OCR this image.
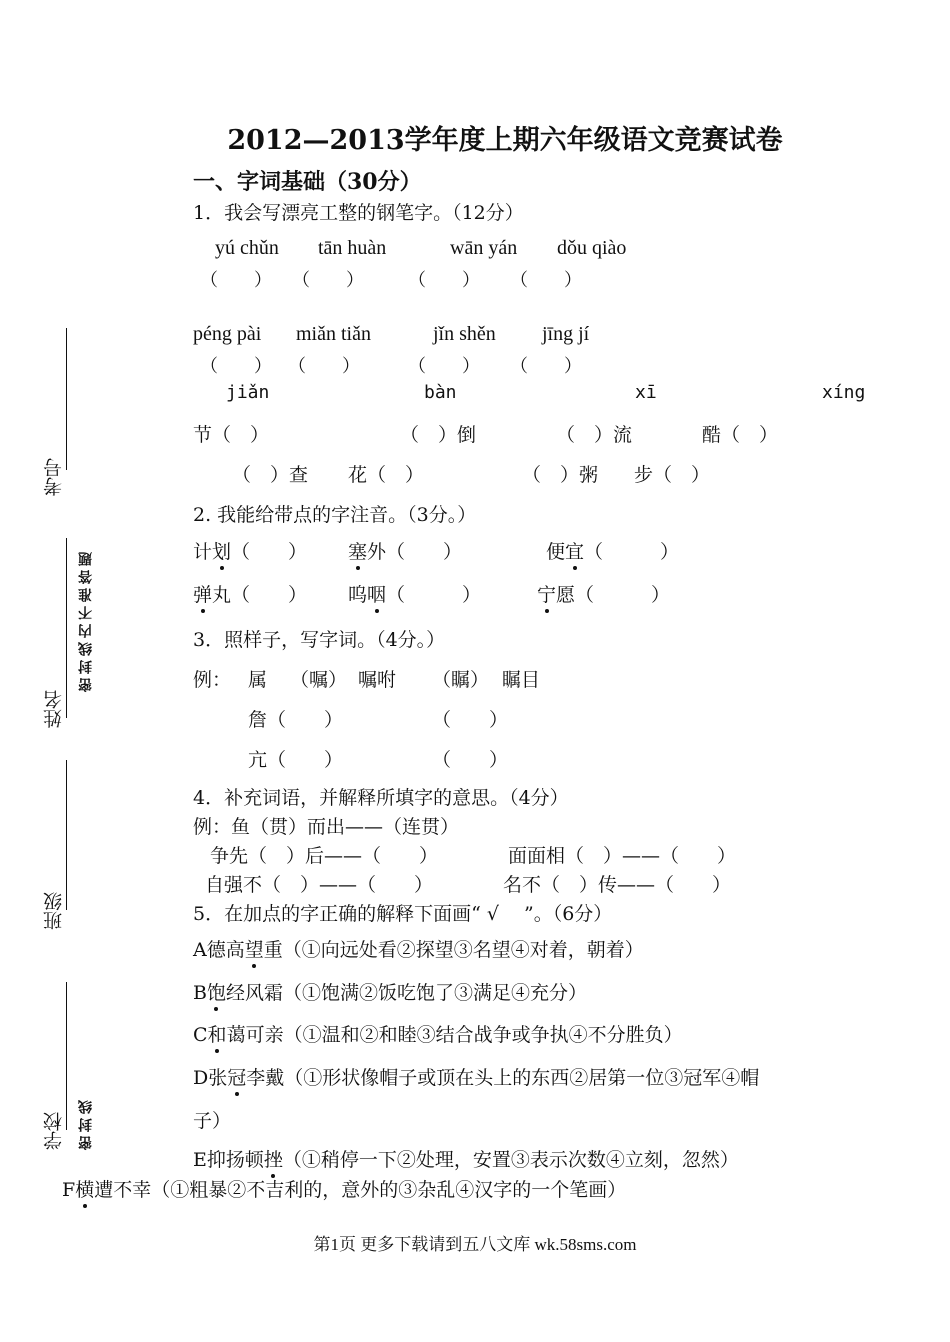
2012—2013学年度上期六年级语文竞赛试卷
一、字词基础（30分）
1．我会写漂亮工整的钢笔字。（12分）
yú chǔn tān huàn	wān yán dǒu qiào
（　　） （　　） （　　） （　　）
péng pài miǎn tiǎn	jǐn shěn jīng jí
（　　） （　　）	（　　） （　　）
jiǎn	bàn	xī	xíng
节（　）	（　）倒	（　）流	酷（　）
（　）查 花（　）	（　）粥 步（　）
2. 我能给带点的字注音。（3分。）
计划（　　） 塞外（　　）	便宜（　　　）
弹丸（　　） 呜咽（　　　）	宁愿（　　　）
3．照样子，写字词。（4分。）
例： 属 （嘱） 嘱咐 （瞩） 瞩目
詹（　　）	（　　）
亢（　　）	（　　）
4．补充词语，并解释所填字的意思。（4分）
例：鱼（贯）而出——（连贯）
争先（　）后——（　　）	面面相（　）——（　　）
自强不（　）——（　　）	名不（　）传——（　　）
5．在加点的字正确的解释下面画“ √　 ”。（6分）
A德高望重（①向远处看②探望③名望④对着，朝着）
B饱经风霜（①饱满②饭吃饱了③满足④充分）
C和蔼可亲（①温和②和睦③结合战争或争执④不分胜负）
D张冠李戴（①形状像帽子或顶在头上的东西②居第一位③冠军④帽
子）
E抑扬顿挫（①稍停一下②处理，安置③表示次数④立刻，忽然）
F横遭不幸（①粗暴②不吉利的，意外的③杂乱④汉字的一个笔画）
考号
姓名
班级
学校
密封线内不准答题
密封线
第1页 更多下载请到五八文库 wk.58sms.com
